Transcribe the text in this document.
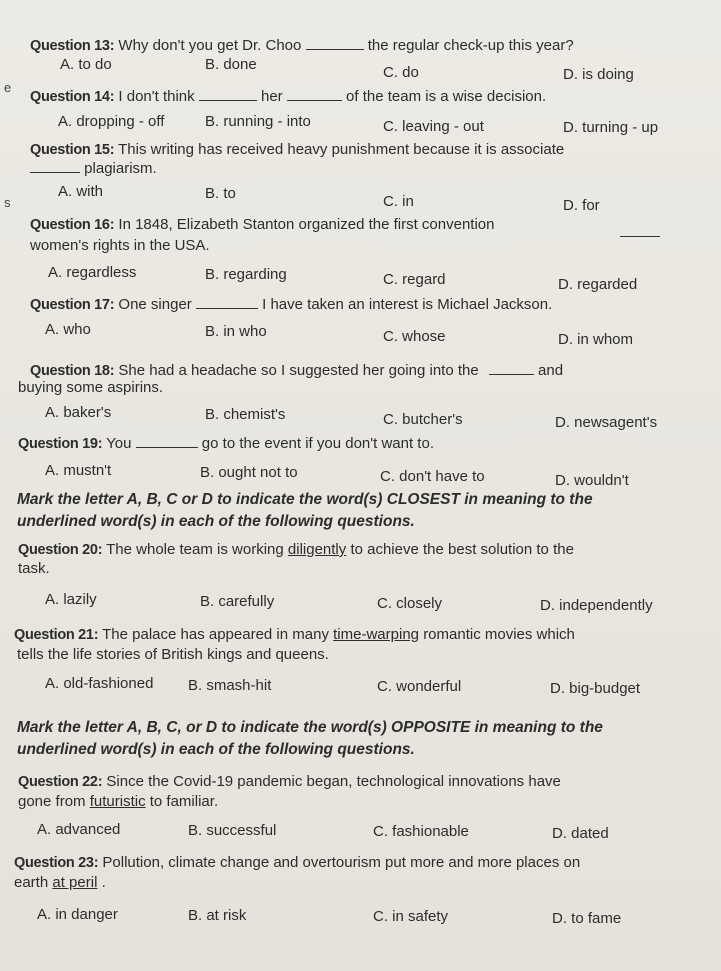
e
s
Question 13: Why don't you get Dr. Choo	the regular check-up this year?
A. to do	B. done	C. do	D. is doing
Question 14: I don't think	her	of the team is a wise decision.
A. dropping - off	B. running - into	C. leaving - out	D. turning - up
Question 15: This writing has received heavy punishment because it is associate
plagiarism.
A. with	B. to	C. in	D. for
Question 16: In 1848, Elizabeth Stanton organized the first convention
women's rights in the USA.
A. regardless	B. regarding	C. regard	D. regarded
Question 17: One singer	I have taken an interest is Michael Jackson.
A. who	B. in who	C. whose	D. in whom
Question 18: She had a headache so I suggested her going into the	and
buying some aspirins.
A. baker's	B. chemist's	C. butcher's	D. newsagent's
Question 19: You	go to the event if you don't want to.
A. mustn't	B. ought not to	C. don't have to	D. wouldn't
Mark the letter A, B, C or D to indicate the word(s) CLOSEST in meaning to the
underlined word(s) in each of the following questions.
Question 20: The whole team is working diligently to achieve the best solution to the
task.
A. lazily	B. carefully	C. closely	D. independently
Question 21: The palace has appeared in many time-warping romantic movies which
tells the life stories of British kings and queens.
A. old-fashioned B. smash-hit	C. wonderful	D. big-budget
Mark the letter A, B, C, or D to indicate the word(s) OPPOSITE in meaning to the
underlined word(s) in each of the following questions.
Question 22: Since the Covid-19 pandemic began, technological innovations have
gone from futuristic to familiar.
A. advanced	B. successful	C. fashionable	D. dated
Question 23: Pollution, climate change and overtourism put more and more places on
earth at peril .
A. in danger	B. at risk	C. in safety	D. to fame
